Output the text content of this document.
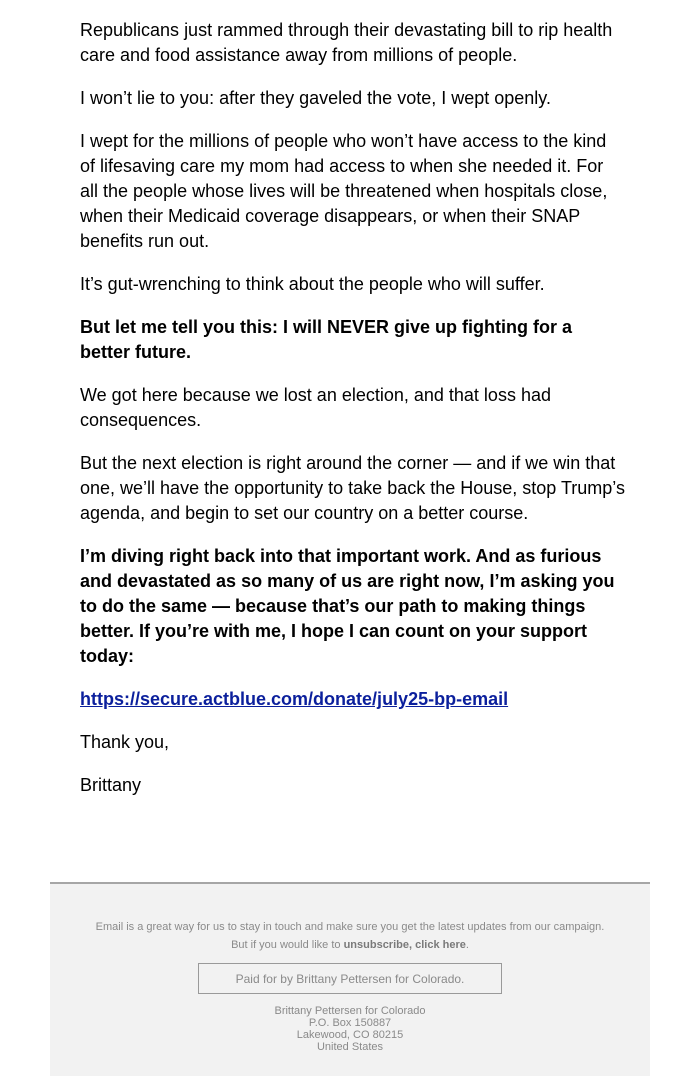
Republicans just rammed through their devastating bill to rip health care and food assistance away from millions of people.

I won’t lie to you: after they gaveled the vote, I wept openly.

I wept for the millions of people who won’t have access to the kind of lifesaving care my mom had access to when she needed it. For all the people whose lives will be threatened when hospitals close, when their Medicaid coverage disappears, or when their SNAP benefits run out.

It’s gut-wrenching to think about the people who will suffer.

But let me tell you this: I will NEVER give up fighting for a better future.

We got here because we lost an election, and that loss had consequences.

But the next election is right around the corner — and if we win that one, we’ll have the opportunity to take back the House, stop Trump’s agenda, and begin to set our country on a better course.

I’m diving right back into that important work. And as furious and devastated as so many of us are right now, I’m asking you to do the same — because that’s our path to making things better. If you’re with me, I hope I can count on your support today:

https://secure.actblue.com/donate/july25-bp-email

Thank you,

Brittany

Email is a great way for us to stay in touch and make sure you get the latest updates from our campaign.
But if you would like to unsubscribe, click here.
Paid for by Brittany Pettersen for Colorado.
Brittany Pettersen for Colorado
P.O. Box 150887
Lakewood, CO 80215
United States
